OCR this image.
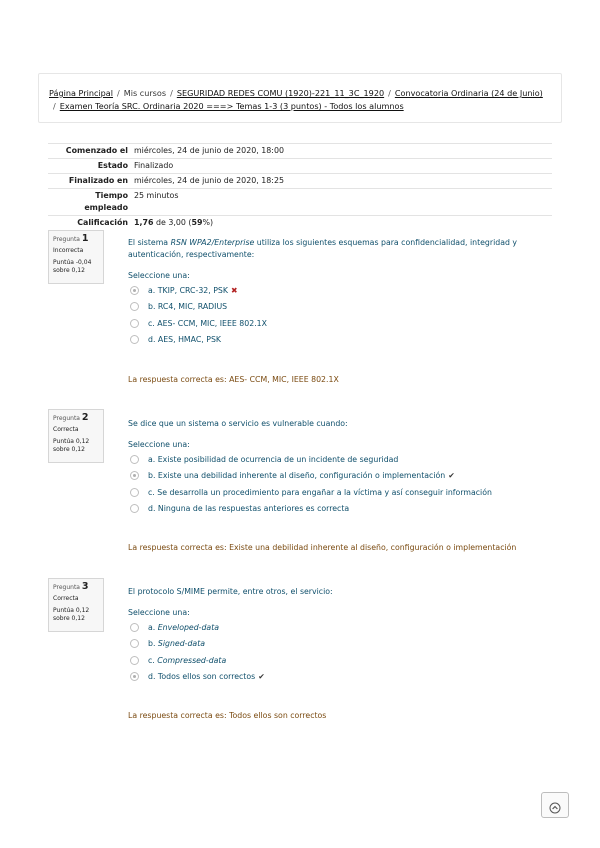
Página Principal / Mis cursos / SEGURIDAD REDES COMU (1920)-221_11_3C_1920 / Convocatoria Ordinaria (24 de Junio)
/ Examen Teoría SRC. Ordinaria 2020 ===> Temas 1-3 (3 puntos) - Todos los alumnos
Comenzado el	miércoles, 24 de junio de 2020, 18:00
Estado	Finalizado
Finalizado en	miércoles, 24 de junio de 2020, 18:25
Tiempo
empleado	25 minutos
Calificación	1,76 de 3,00 (59%)
Pregunta 1
Incorrecta
Puntúa -0,04
sobre 0,12
El sistema RSN WPA2/Enterprise utiliza los siguientes esquemas para confidencialidad, integridad y autenticación, respectivamente:
Seleccione una:
a. TKIP, CRC-32, PSK ✖
b. RC4, MIC, RADIUS
c. AES- CCM, MIC, IEEE 802.1X
d. AES, HMAC, PSK
La respuesta correcta es: AES- CCM, MIC, IEEE 802.1X
Pregunta 2
Correcta
Puntúa 0,12
sobre 0,12
Se dice que un sistema o servicio es vulnerable cuando:
Seleccione una:
a. Existe posibilidad de ocurrencia de un incidente de seguridad
b. Existe una debilidad inherente al diseño, configuración o implementación ✔
c. Se desarrolla un procedimiento para engañar a la víctima y así conseguir información
d. Ninguna de las respuestas anteriores es correcta
La respuesta correcta es: Existe una debilidad inherente al diseño, configuración o implementación
Pregunta 3
Correcta
Puntúa 0,12
sobre 0,12
El protocolo S/MIME permite, entre otros, el servicio:
Seleccione una:
a. Enveloped-data
b. Signed-data
c. Compressed-data
d. Todos ellos son correctos ✔
La respuesta correcta es: Todos ellos son correctos
